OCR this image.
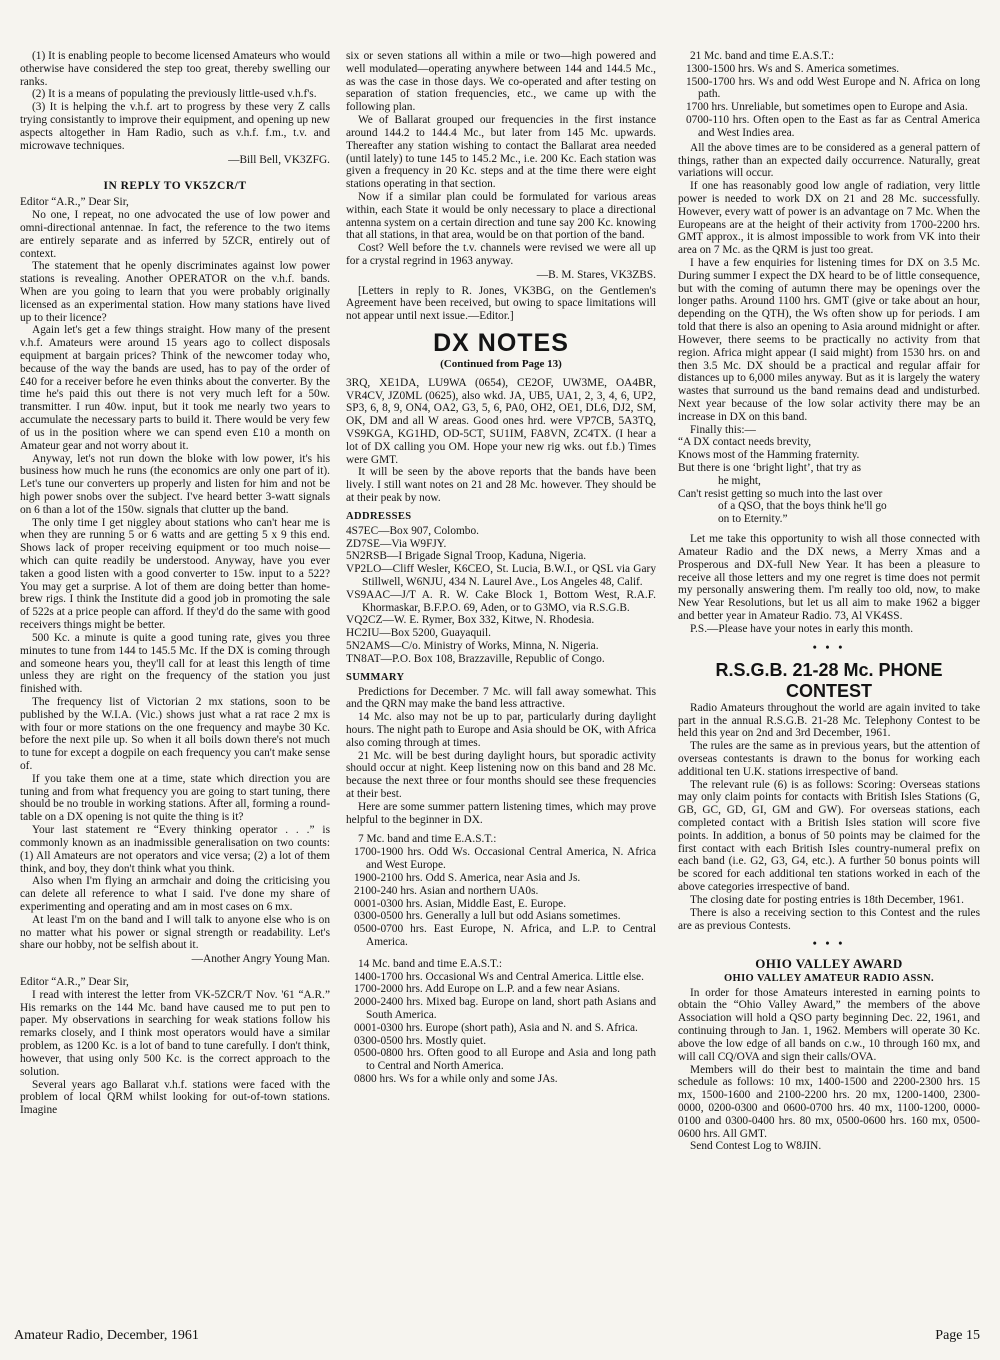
(1) It is enabling people to become licensed Amateurs who would otherwise have considered the step too great, thereby swelling our ranks.

(2) It is a means of populating the previously little-used v.h.f's.

(3) It is helping the v.h.f. art to progress by these very Z calls trying consistantly to improve their equipment, and opening up new aspects altogether in Ham Radio, such as v.h.f. f.m., t.v. and microwave techniques.

—Bill Bell, VK3ZFG.
IN REPLY TO VK5ZCR/T

Editor “A.R.,” Dear Sir,

No one, I repeat, no one advocated the use of low power and omni-directional antennae. In fact, the reference to the two items are entirely separate and as inferred by 5ZCR, entirely out of context.

The statement that he openly discriminates against low power stations is revealing. Another OPERATOR on the v.h.f. bands. When are you going to learn that you were probably originally licensed as an experimental station. How many stations have lived up to their licence?

Again let's get a few things straight. How many of the present v.h.f. Amateurs were around 15 years ago to collect disposals equipment at bargain prices? Think of the newcomer today who, because of the way the bands are used, has to pay of the order of £40 for a receiver before he even thinks about the converter. By the time he's paid this out there is not very much left for a 50w. transmitter. I run 40w. input, but it took me nearly two years to accumulate the necessary parts to build it. There would be very few of us in the position where we can spend even £10 a month on Amateur gear and not worry about it.

Anyway, let's not run down the bloke with low power, it's his business how much he runs (the economics are only one part of it). Let's tune our converters up properly and listen for him and not be high power snobs over the subject. I've heard better 3-watt signals on 6 than a lot of the 150w. signals that clutter up the band.

The only time I get niggley about stations who can't hear me is when they are running 5 or 6 watts and are getting 5 x 9 this end. Shows lack of proper receiving equipment or too much noise—which can quite readily be understood. Anyway, have you ever taken a good listen with a good converter to 15w. input to a 522? You may get a surprise. A lot of them are doing better than home-brew rigs. I think the Institute did a good job in promoting the sale of 522s at a price people can afford. If they'd do the same with good receivers things might be better.

500 Kc. a minute is quite a good tuning rate, gives you three minutes to tune from 144 to 145.5 Mc. If the DX is coming through and someone hears you, they'll call for at least this length of time unless they are right on the frequency of the station you just finished with.

The frequency list of Victorian 2 mx stations, soon to be published by the W.I.A. (Vic.) shows just what a rat race 2 mx is with four or more stations on the one frequency and maybe 30 Kc. before the next pile up. So when it all boils down there's not much to tune for except a dogpile on each frequency you can't make sense of.

If you take them one at a time, state which direction you are tuning and from what frequency you are going to start tuning, there should be no trouble in working stations. After all, forming a round-table on a DX opening is not quite the thing is it?

Your last statement re “Every thinking operator . . .” is commonly known as an inadmissible generalisation on two counts: (1) All Amateurs are not operators and vice versa; (2) a lot of them think, and boy, they don't think what you think.

Also when I'm flying an armchair and doing the criticising you can delete all reference to what I said. I've done my share of experimenting and operating and am in most cases on 6 mx.

At least I'm on the band and I will talk to anyone else who is on no matter what his power or signal strength or readability. Let's share our hobby, not be selfish about it.

—Another Angry Young Man.

Editor “A.R.,” Dear Sir,

I read with interest the letter from VK-5ZCR/T Nov. '61 “A.R.” His remarks on the 144 Mc. band have caused me to put pen to paper. My observations in searching for weak stations follow his remarks closely, and I think most operators would have a similar problem, as 1200 Kc. is a lot of band to tune carefully. I don't think, however, that using only 500 Kc. is the correct approach to the solution.

Several years ago Ballarat v.h.f. stations were faced with the problem of local QRM whilst looking for out-of-town stations. Imagine

six or seven stations all within a mile or two—high powered and well modulated—operating anywhere between 144 and 144.5 Mc., as was the case in those days. We co-operated and after testing on separation of station frequencies, etc., we came up with the following plan.

We of Ballarat grouped our frequencies in the first instance around 144.2 to 144.4 Mc., but later from 145 Mc. upwards. Thereafter any station wishing to contact the Ballarat area needed (until lately) to tune 145 to 145.2 Mc., i.e. 200 Kc. Each station was given a frequency in 20 Kc. steps and at the time there were eight stations operating in that section.

Now if a similar plan could be formulated for various areas within, each State it would be only necessary to place a directional antenna system on a certain direction and tune say 200 Kc. knowing that all stations, in that area, would be on that portion of the band.

Cost? Well before the t.v. channels were revised we were all up for a crystal regrind in 1963 anyway.

—B. M. Stares, VK3ZBS.

[Letters in reply to R. Jones, VK3BG, on the Gentlemen's Agreement have been received, but owing to space limitations will not appear until next issue.—Editor.]

DX NOTES
(Continued from Page 13)

3RQ, XE1DA, LU9WA (0654), CE2OF, UW3ME, OA4BR, VR4CV, JZ0ML (0625), also wkd. JA, UB5, UA1, 2, 3, 4, 6, UP2, SP3, 6, 8, 9, ON4, OA2, G3, 5, 6, PA0, OH2, OE1, DL6, DJ2, SM, OK, DM and all W areas. Good ones hrd. were VP7CB, 5A3TQ, VS9KGA, KG1HD, OD-5CT, SU1IM, FA8VN, ZC4TX. (I hear a lot of DX calling you OM. Hope your new rig wks. out f.b.) Times were GMT.

It will be seen by the above reports that the bands have been lively. I still want notes on 21 and 28 Mc. however. They should be at their peak by now.

ADDRESSES

4S7EC—Box 907, Colombo.

ZD7SE—Via W9FJY.

5N2RSB—I Brigade Signal Troop, Kaduna, Nigeria.

VP2LO—Cliff Wesler, K6CEO, St. Lucia, B.W.I., or QSL via Gary Stillwell, W6NJU, 434 N. Laurel Ave., Los Angeles 48, Calif.

VS9AAC—J/T A. R. W. Cake Block 1, Bottom West, R.A.F. Khormaskar, B.F.P.O. 69, Aden, or to G3MO, via R.S.G.B.

VQ2CZ—W. E. Rymer, Box 332, Kitwe, N. Rhodesia.

HC2IU—Box 5200, Guayaquil.

5N2AMS—C/o. Ministry of Works, Minna, N. Nigeria.

TN8AT—P.O. Box 108, Brazzaville, Republic of Congo.

SUMMARY

Predictions for December. 7 Mc. will fall away somewhat. This and the QRN may make the band less attractive.

14 Mc. also may not be up to par, particularly during daylight hours. The night path to Europe and Asia should be OK, with Africa also coming through at times.

21 Mc. will be best during daylight hours, but sporadic activity should occur at night. Keep listening now on this band and 28 Mc. because the next three or four months should see these frequencies at their best.

Here are some summer pattern listening times, which may prove helpful to the beginner in DX.

7 Mc. band and time E.A.S.T.:

1700-1900 hrs. Odd Ws. Occasional Central America, N. Africa and West Europe.

1900-2100 hrs. Odd S. America, near Asia and Js.

2100-240 hrs. Asian and northern UA0s.

0001-0300 hrs. Asian, Middle East, E. Europe.

0300-0500 hrs. Generally a lull but odd Asians sometimes.

0500-0700 hrs. East Europe, N. Africa, and L.P. to Central America.

14 Mc. band and time E.A.S.T.:

1400-1700 hrs. Occasional Ws and Central America. Little else.

1700-2000 hrs. Add Europe on L.P. and a few near Asians.

2000-2400 hrs. Mixed bag. Europe on land, short path Asians and South America.

0001-0300 hrs. Europe (short path), Asia and N. and S. Africa.

0300-0500 hrs. Mostly quiet.

0500-0800 hrs. Often good to all Europe and Asia and long path to Central and North America.

0800 hrs. Ws for a while only and some JAs.

21 Mc. band and time E.A.S.T.:

1300-1500 hrs. Ws and S. America sometimes.

1500-1700 hrs. Ws and odd West Europe and N. Africa on long path.

1700 hrs. Unreliable, but sometimes open to Europe and Asia.

0700-110 hrs. Often open to the East as far as Central America and West Indies area.

All the above times are to be considered as a general pattern of things, rather than an expected daily occurrence. Naturally, great variations will occur.

If one has reasonably good low angle of radiation, very little power is needed to work DX on 21 and 28 Mc. successfully. However, every watt of power is an advantage on 7 Mc. When the Europeans are at the height of their activity from 1700-2200 hrs. GMT approx., it is almost impossible to work from VK into their area on 7 Mc. as the QRM is just too great.

I have a few enquiries for listening times for DX on 3.5 Mc. During summer I expect the DX heard to be of little consequence, but with the coming of autumn there may be openings over the longer paths. Around 1100 hrs. GMT (give or take about an hour, depending on the QTH), the Ws often show up for periods. I am told that there is also an opening to Asia around midnight or after. However, there seems to be practically no activity from that region. Africa might appear (I said might) from 1530 hrs. on and then 3.5 Mc. DX should be a practical and regular affair for distances up to 6,000 miles anyway. But as it is largely the watery wastes that surround us the band remains dead and undisturbed. Next year because of the low solar activity there may be an increase in DX on this band.

Finally this:—

“A DX contact needs brevity,
Knows most of the Hamming fraternity.
But there is one ‘bright light’, that try as
he might,
Can't resist getting so much into the last over
of a QSO, that the boys think he'll go
on to Eternity.”

Let me take this opportunity to wish all those connected with Amateur Radio and the DX news, a Merry Xmas and a Prosperous and DX-full New Year. It has been a pleasure to receive all those letters and my one regret is time does not permit my personally answering them. I'm really too old, now, to make New Year Resolutions, but let us all aim to make 1962 a bigger and better year in Amateur Radio. 73, Al VK4SS.

P.S.—Please have your notes in early this month.

• • •
R.S.G.B. 21-28 Mc. PHONE CONTEST

Radio Amateurs throughout the world are again invited to take part in the annual R.S.G.B. 21-28 Mc. Telephony Contest to be held this year on 2nd and 3rd December, 1961.

The rules are the same as in previous years, but the attention of overseas contestants is drawn to the bonus for working each additional ten U.K. stations irrespective of band.

The relevant rule (6) is as follows: Scoring: Overseas stations may only claim points for contacts with British Isles Stations (G, GB, GC, GD, GI, GM and GW). For overseas stations, each completed contact with a British Isles station will score five points. In addition, a bonus of 50 points may be claimed for the first contact with each British Isles country-numeral prefix on each band (i.e. G2, G3, G4, etc.). A further 50 bonus points will be scored for each additional ten stations worked in each of the above categories irrespective of band.

The closing date for posting entries is 18th December, 1961.

There is also a receiving section to this Contest and the rules are as previous Contests.

• • •
OHIO VALLEY AWARD
OHIO VALLEY AMATEUR RADIO ASSN.

In order for those Amateurs interested in earning points to obtain the “Ohio Valley Award,” the members of the above Association will hold a QSO party beginning Dec. 22, 1961, and continuing through to Jan. 1, 1962. Members will operate 30 Kc. above the low edge of all bands on c.w., 10 through 160 mx, and will call CQ/OVA and sign their calls/OVA.

Members will do their best to maintain the time and band schedule as follows: 10 mx, 1400-1500 and 2200-2300 hrs. 15 mx, 1500-1600 and 2100-2200 hrs. 20 mx, 1200-1400, 2300-0000, 0200-0300 and 0600-0700 hrs. 40 mx, 1100-1200, 0000-0100 and 0300-0400 hrs. 80 mx, 0500-0600 hrs. 160 mx, 0500-0600 hrs. All GMT.

Send Contest Log to W8JIN.

Amateur Radio, December, 1961	Page 15
